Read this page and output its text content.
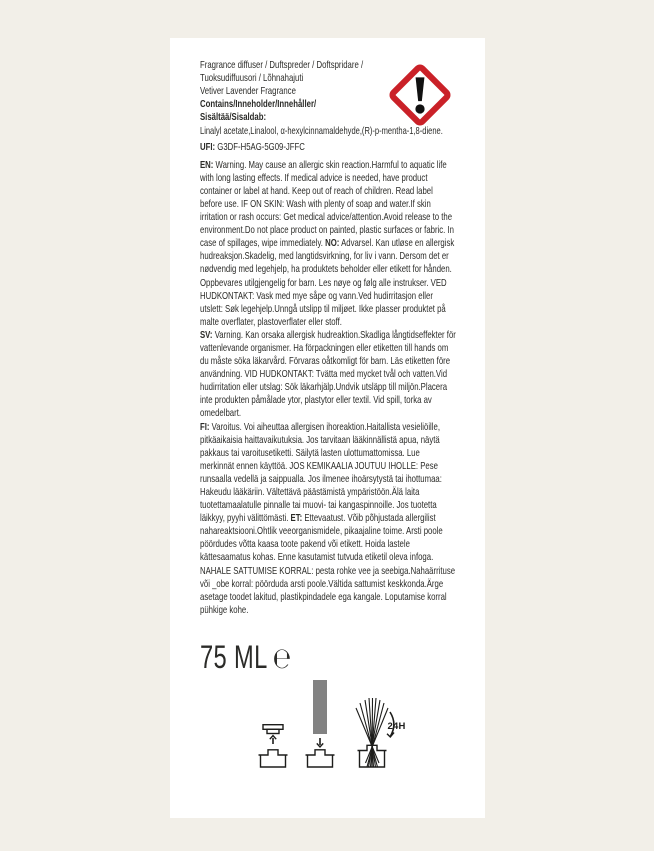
Fragrance diffuser / Duftspreder / Doftspridare /
Tuoksudiffuusori / Lõhnahajuti
Vetiver Lavender Fragrance
Contains/Inneholder/Innehåller/
Sisältää/Sisaldab:
Linalyl acetate,Linalool, α-hexylcinnamaldehyde,(R)-p-mentha-1,8-diene.
UFI: G3DF-H5AG-5G09-JFFC
EN: Warning. May cause an allergic skin reaction.Harmful to aquatic life with long lasting effects. If medical advice is needed, have product container or label at hand. Keep out of reach of children. Read label before use. IF ON SKIN: Wash with plenty of soap and water.If skin irritation or rash occurs: Get medical advice/attention.Avoid release to the environment.Do not place product on painted, plastic surfaces or fabric. In case of spillages, wipe immediately. NO: Advarsel. Kan utløse en allergisk hudreaksjon.Skadelig, med langtidsvirkning, for liv i vann. Dersom det er nødvendig med legehjelp, ha produktets beholder eller etikett for hånden. Oppbevares utilgjengelig for barn. Les nøye og følg alle instrukser. VED HUDKONTAKT: Vask med mye såpe og vann.Ved hudirritasjon eller utslett: Søk legehjelp.Unngå utslipp til miljøet. Ikke plasser produktet på malte overflater, plastoverflater eller stoff.
SV: Varning. Kan orsaka allergisk hudreaktion.Skadliga långtidseffekter för vattenlevande organismer. Ha förpackningen eller etiketten till hands om du måste söka läkarvård. Förvaras oåtkomligt för barn. Läs etiketten före användning. VID HUDKONTAKT: Tvätta med mycket tvål och vatten.Vid hudirritation eller utslag: Sök läkarhjälp.Undvik utsläpp till miljön.Placera inte produkten påmålade ytor, plastytor eller textil. Vid spill, torka av omedelbart.
FI: Varoitus. Voi aiheuttaa allergisen ihoreaktion.Haitallista vesieliöille, pitkäaikaisia haittavaikutuksia. Jos tarvitaan lääkinnällistä apua, näytä pakkaus tai varoitusetiketti. Säilytä lasten ulottumattomissa. Lue merkinnät ennen käyttöä. JOS KEMIKAALIA JOUTUU IHOLLE: Pese runsaalla vedellä ja saippualla. Jos ilmenee ihoärsytystä tai ihottumaa: Hakeudu lääkäriin. Vältettävä päästämistä ympäristöön.Älä laita tuotettamaalatulle pinnalle tai muovi- tai kangaspinnoille. Jos tuotetta läikkyy, pyyhi välittömästi. ET: Ettevaatust. Võib põhjustada allergilist nahareaktsiooni.Ohtlik veeorganismidele, pikaajaline toime. Arsti poole pöördudes võtta kaasa toote pakend või etikett. Hoida lastele kättesaamatus kohas. Enne kasutamist tutvuda etiketil oleva infoga. NAHALE SATTUMISE KORRAL: pesta rohke vee ja seebiga.Nahaärrituse või _obe korral: pöörduda arsti poole.Vältida sattumist keskkonda.Ärge asetage toodet lakitud, plastikpindadele ega kangale. Loputamise korral pühkige kohe.
75 ML ℮
24H
